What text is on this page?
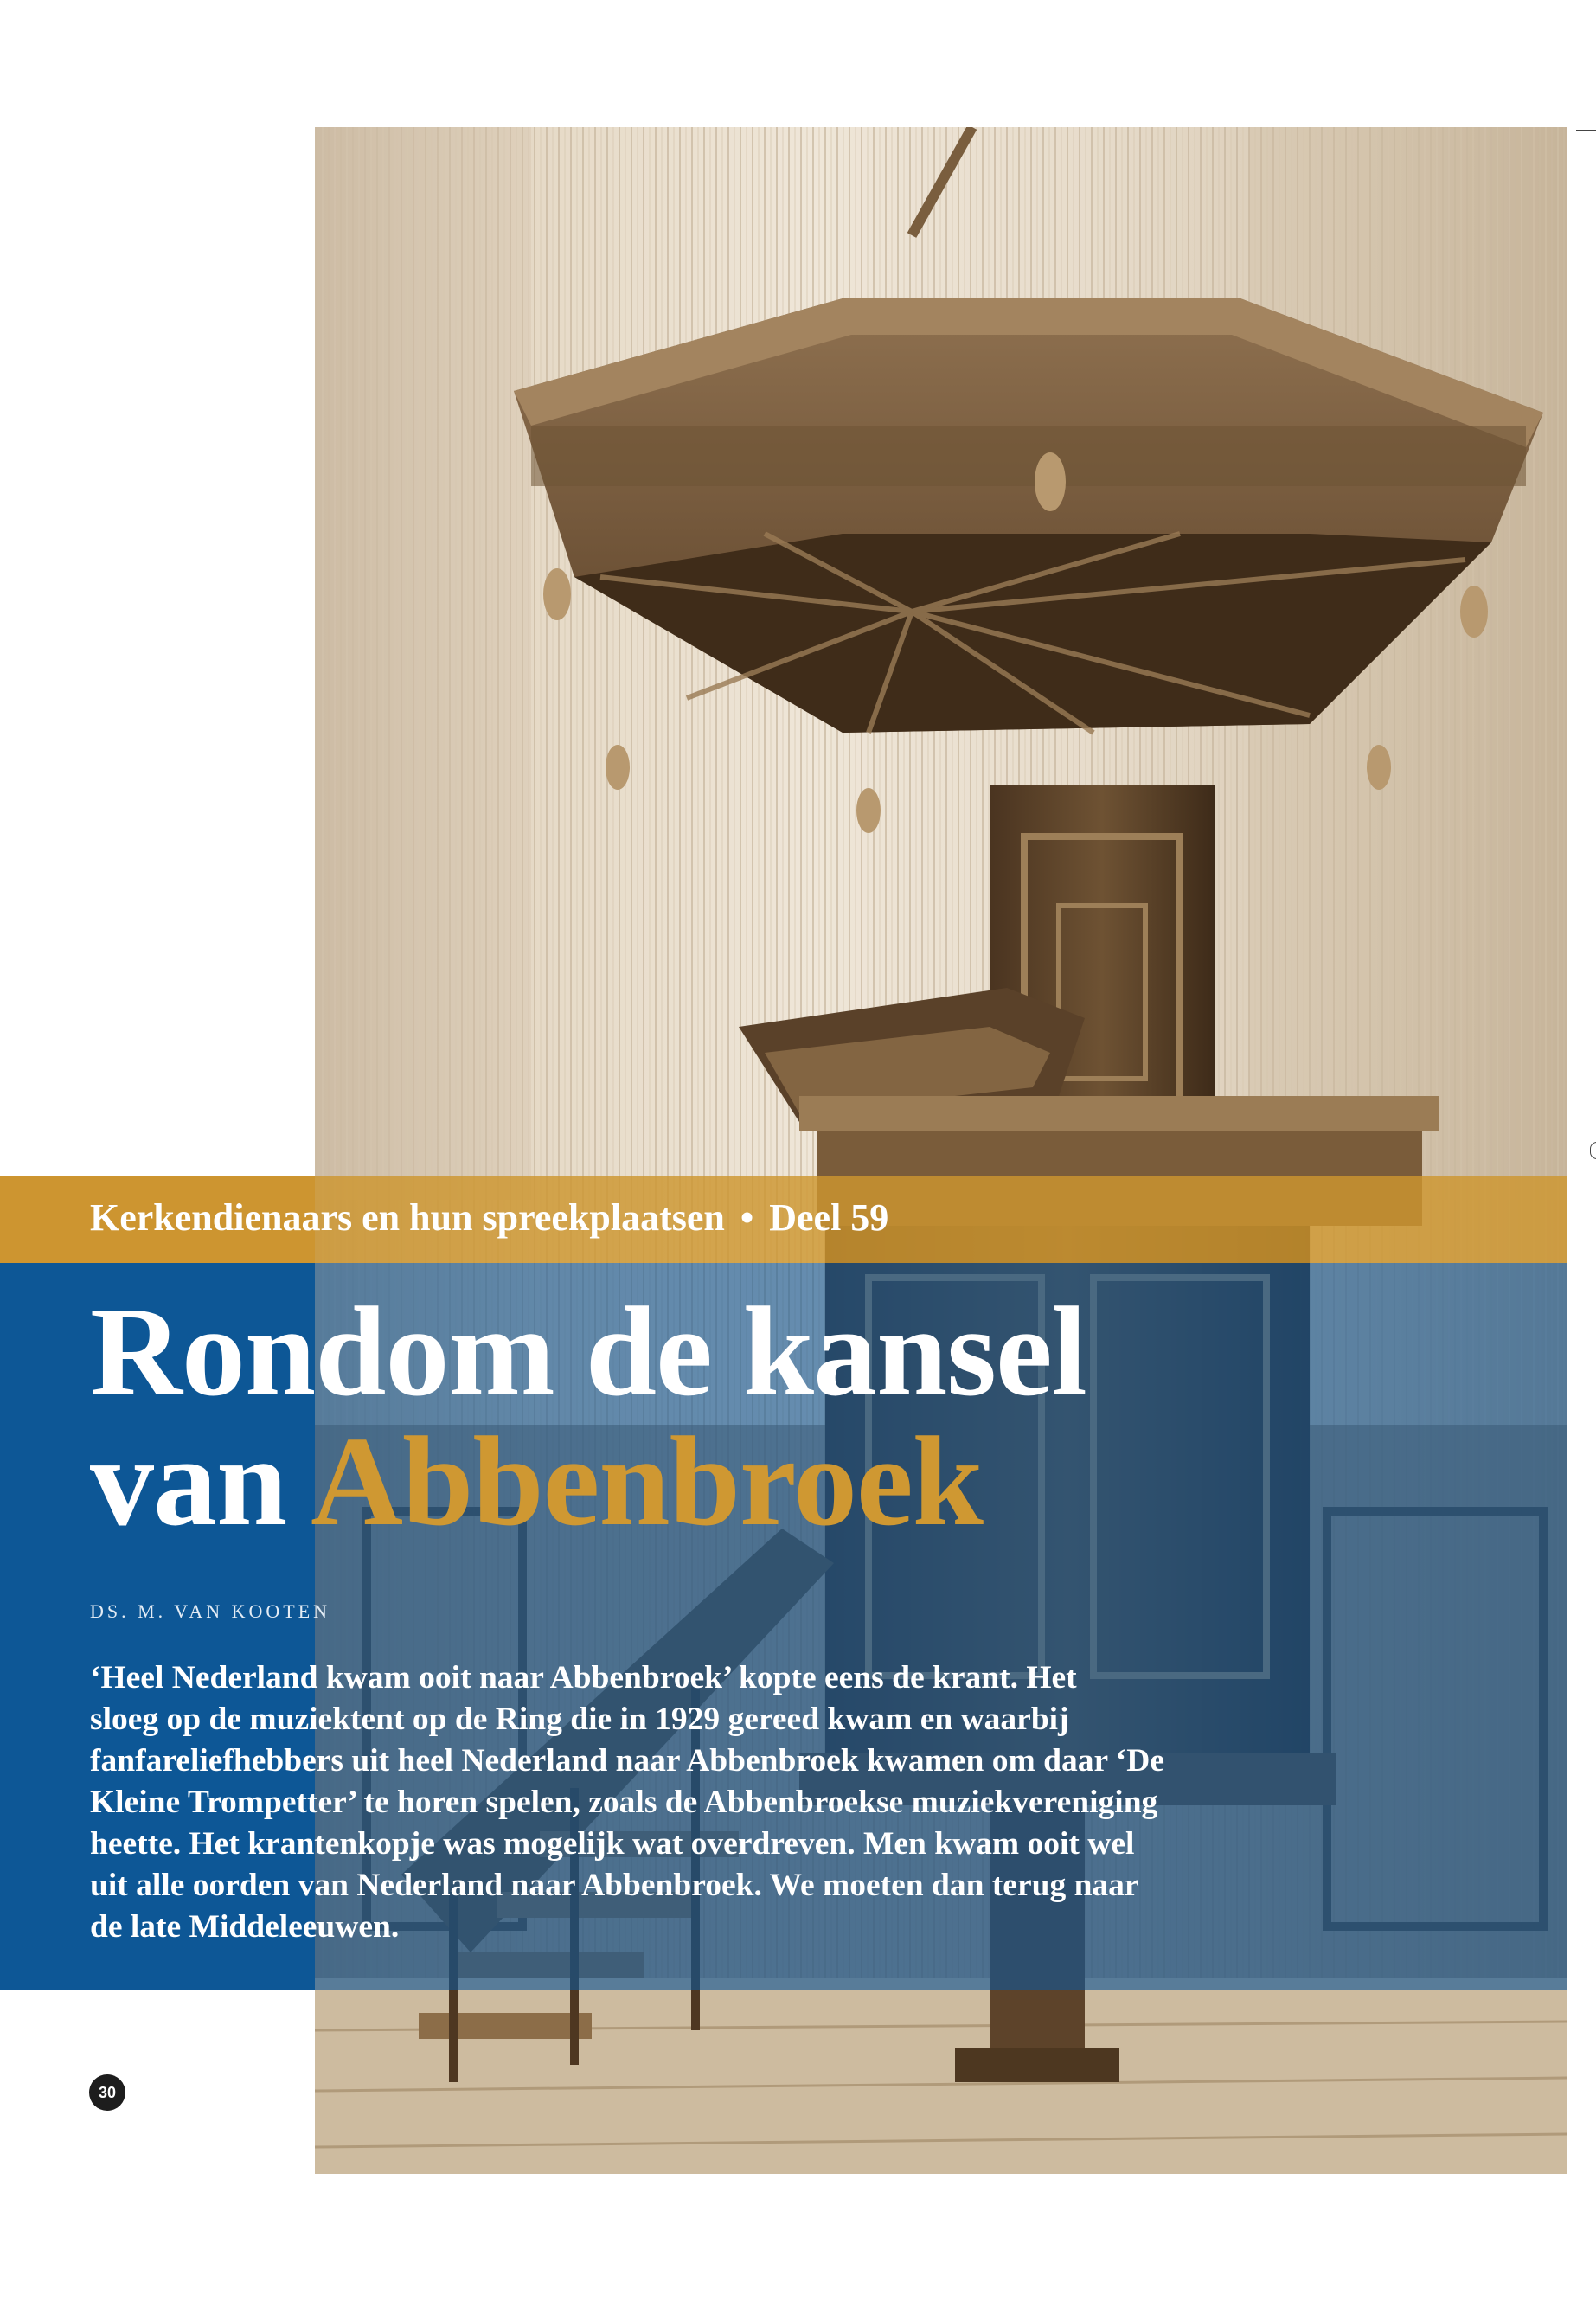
Kerkendienaars en hun spreekplaatsen • Deel 59
Rondom de kansel
van Abbenbroek
DS. M. VAN KOOTEN
‘Heel Nederland kwam ooit naar Abbenbroek’ kopte eens de krant. Het
sloeg op de muziektent op de Ring die in 1929 gereed kwam en waarbij
fanfareliefhebbers uit heel Nederland naar Abbenbroek kwamen om daar ‘De
Kleine Trompetter’ te horen spelen, zoals de Abbenbroekse muziekvereniging
heette. Het krantenkopje was mogelijk wat overdreven. Men kwam ooit wel
uit alle oorden van Nederland naar Abbenbroek. We moeten dan terug naar
de late Middeleeuwen.
30
